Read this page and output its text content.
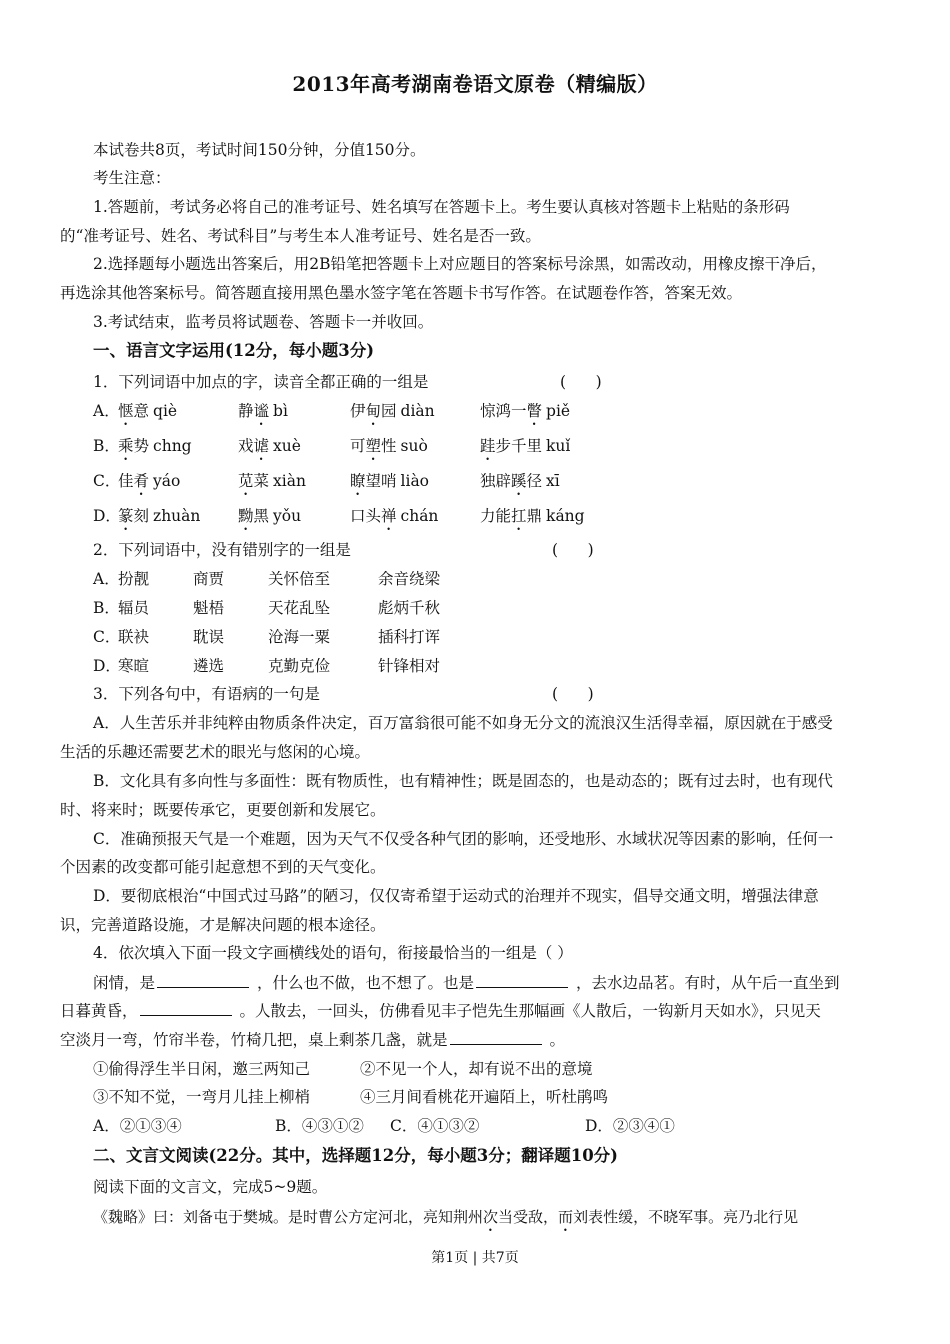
2013年高考湖南卷语文原卷（精编版）
本试卷共8页，考试时间150分钟，分值150分。
考生注意：
1.答题前，考试务必将自己的准考证号、姓名填写在答题卡上。考生要认真核对答题卡上粘贴的条形码
的“准考证号、姓名、考试科目”与考生本人准考证号、姓名是否一致。
2.选择题每小题选出答案后，用2B铅笔把答题卡上对应题目的答案标号涂黑，如需改动，用橡皮擦干净后，
再选涂其他答案标号。简答题直接用黑色墨水签字笔在答题卡书写作答。在试题卷作答，答案无效。
3.考试结束，监考员将试题卷、答题卡一并收回。
一、语言文字运用(12分，每小题3分)
1．下列词语中加点的字，读音全都正确的一组是	(      )
A．
惬意 qiè	静谧 bì	伊甸园 diàn	惊鸿一瞥 piě
B．
乘势 chng	戏谑 xuè	可塑性 suò	跬步千里 kuǐ
C．
佳肴 yáo	苋菜 xiàn	瞭望哨 liào	独辟蹊径 xī
D．
篆刻 zhuàn 黝黑 yǒu	口头禅 chán	力能扛鼎 káng
2．下列词语中，没有错别字的一组是	(      )
A．
扮靓	商贾	关怀倍至	余音绕梁
B．
辐员	魁梧	天花乱坠	彪炳千秋
C．
联袂	耽误	沧海一粟	插科打诨
D．
寒暄	遴选	克勤克俭	针锋相对
3．下列各句中，有语病的一句是	(      )
A．人生苦乐并非纯粹由物质条件决定，百万富翁很可能不如身无分文的流浪汉生活得幸福，原因就在于感受
生活的乐趣还需要艺术的眼光与悠闲的心境。
B．文化具有多向性与多面性：既有物质性，也有精神性；既是固态的，也是动态的；既有过去时，也有现代
时、将来时；既要传承它，更要创新和发展它。
C．准确预报天气是一个难题，因为天气不仅受各种气团的影响，还受地形、水域状况等因素的影响，任何一
个因素的改变都可能引起意想不到的天气变化。
D．要彻底根治“中国式过马路”的陋习，仅仅寄希望于运动式的治理并不现实，倡导交通文明，增强法律意
识，完善道路设施，才是解决问题的根本途径。
4．依次填入下面一段文字画横线处的语句，衔接最恰当的一组是（ ）
闲情，是	，什么也不做，也不想了。也是	，去水边品茗。有时，从午后一直坐到
日暮黄昏，	。人散去，一回头，仿佛看见丰子恺先生那幅画《人散后，一钩新月天如水》，只见天
空淡月一弯，竹帘半卷，竹椅几把，桌上剩茶几盏，就是	。
①偷得浮生半日闲，邀三两知己	②不见一个人，却有说不出的意境
③不知不觉，一弯月儿挂上柳梢	④三月间看桃花开遍陌上，听杜鹃鸣
A．②①③④	B．④③①② C．④①③②	D．②③④①
二、文言文阅读(22分。其中，选择题12分，每小题3分；翻译题10分)
阅读下面的文言文，完成5~9题。
《魏略》曰：刘备屯于樊城。是时曹公方定河北，亮知荆州次当受敌，而刘表性缓，不晓军事。亮乃北行见
第1页 | 共7页
